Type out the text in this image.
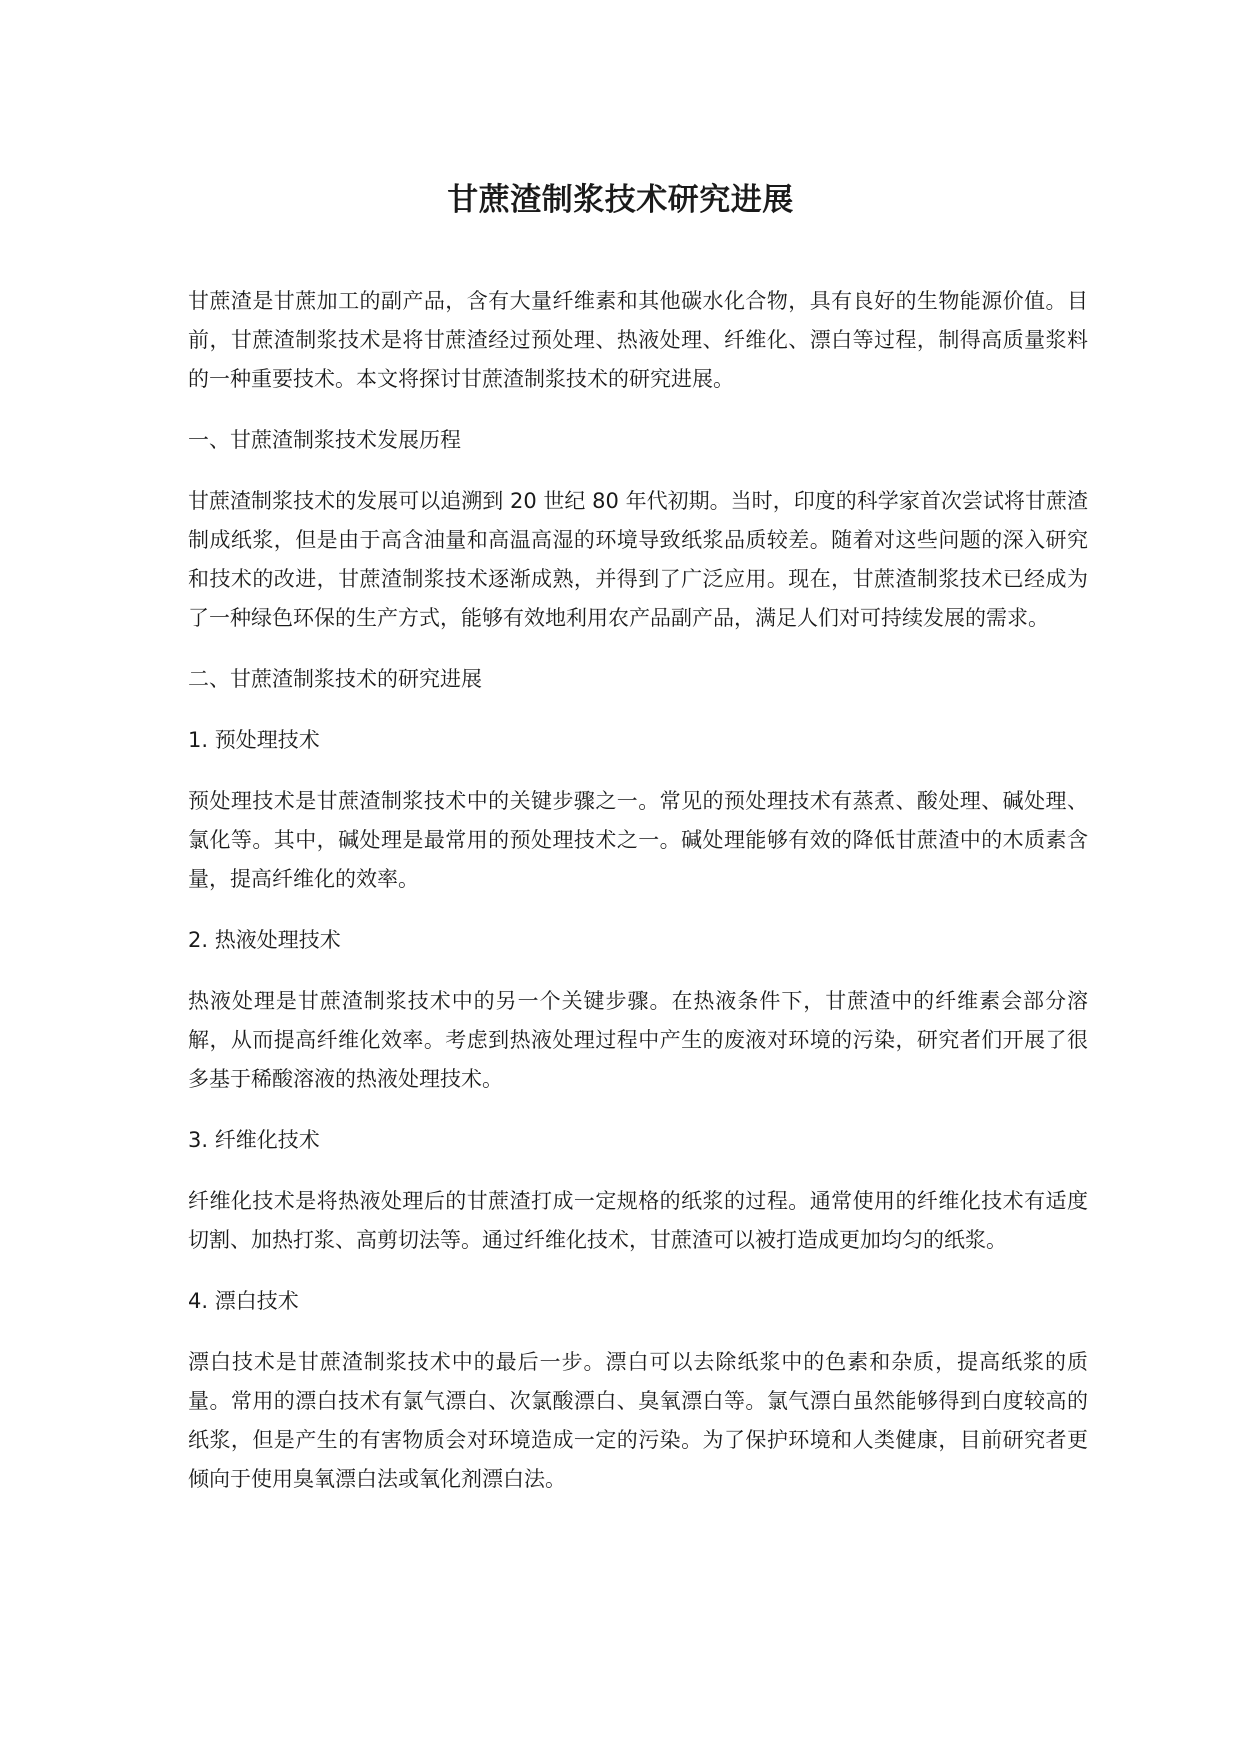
甘蔗渣制浆技术研究进展

甘蔗渣是甘蔗加工的副产品，含有大量纤维素和其他碳水化合物，具有良好的生物能源价值。目前，甘蔗渣制浆技术是将甘蔗渣经过预处理、热液处理、纤维化、漂白等过程，制得高质量浆料的一种重要技术。本文将探讨甘蔗渣制浆技术的研究进展。

一、甘蔗渣制浆技术发展历程

甘蔗渣制浆技术的发展可以追溯到 20 世纪 80 年代初期。当时，印度的科学家首次尝试将甘蔗渣制成纸浆，但是由于高含油量和高温高湿的环境导致纸浆品质较差。随着对这些问题的深入研究和技术的改进，甘蔗渣制浆技术逐渐成熟，并得到了广泛应用。现在，甘蔗渣制浆技术已经成为了一种绿色环保的生产方式，能够有效地利用农产品副产品，满足人们对可持续发展的需求。

二、甘蔗渣制浆技术的研究进展

1. 预处理技术

预处理技术是甘蔗渣制浆技术中的关键步骤之一。常见的预处理技术有蒸煮、酸处理、碱处理、氯化等。其中，碱处理是最常用的预处理技术之一。碱处理能够有效的降低甘蔗渣中的木质素含量，提高纤维化的效率。

2. 热液处理技术

热液处理是甘蔗渣制浆技术中的另一个关键步骤。在热液条件下，甘蔗渣中的纤维素会部分溶解，从而提高纤维化效率。考虑到热液处理过程中产生的废液对环境的污染，研究者们开展了很多基于稀酸溶液的热液处理技术。

3. 纤维化技术

纤维化技术是将热液处理后的甘蔗渣打成一定规格的纸浆的过程。通常使用的纤维化技术有适度切割、加热打浆、高剪切法等。通过纤维化技术，甘蔗渣可以被打造成更加均匀的纸浆。

4. 漂白技术

漂白技术是甘蔗渣制浆技术中的最后一步。漂白可以去除纸浆中的色素和杂质，提高纸浆的质量。常用的漂白技术有氯气漂白、次氯酸漂白、臭氧漂白等。氯气漂白虽然能够得到白度较高的纸浆，但是产生的有害物质会对环境造成一定的污染。为了保护环境和人类健康，目前研究者更倾向于使用臭氧漂白法或氧化剂漂白法。
